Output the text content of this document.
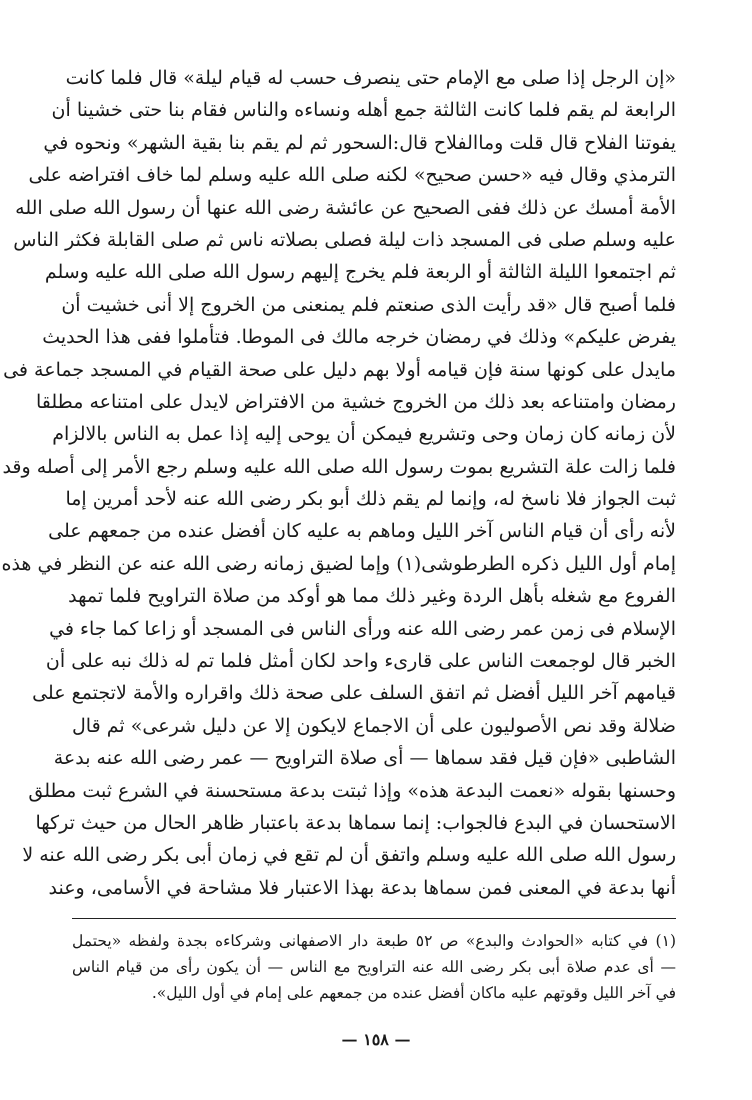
«إن الرجل إذا صلى مع الإمام حتى ينصرف حسب له قيام ليلة» قال فلما كانت
الرابعة لم يقم فلما كانت الثالثة جمع أهله ونساءه والناس فقام بنا حتى خشينا أن
يفوتنا الفلاح قال قلت وماالفلاح قال:السحور ثم لم يقم بنا بقية الشهر» ونحوه في
الترمذي وقال فيه «حسن صحيح» لكنه صلى الله عليه وسلم لما خاف افتراضه على
الأمة أمسك عن ذلك ففى الصحيح عن عائشة رضى الله عنها أن رسول الله صلى الله
عليه وسلم صلى فى المسجد ذات ليلة فصلى بصلاته ناس ثم صلى القابلة فكثر الناس
ثم اجتمعوا الليلة الثالثة أو الربعة فلم يخرج إليهم رسول الله صلى الله عليه وسلم
فلما أصبح قال «قد رأيت الذى صنعتم فلم يمنعنى من الخروج إلا أنى خشيت أن
يفرض عليكم» وذلك في رمضان خرجه مالك فى الموطا. فتأملوا ففى هذا الحديث
مايدل على كونها سنة فإن قيامه أولا بهم دليل على صحة القيام في المسجد جماعة فى
رمضان وامتناعه بعد ذلك من الخروج خشية من الافتراض لايدل على امتناعه مطلقا
لأن زمانه كان زمان وحى وتشريع فيمكن أن يوحى إليه إذا عمل به الناس بالالزام
فلما زالت علة التشريع بموت رسول الله صلى الله عليه وسلم رجع الأمر إلى أصله وقد
ثبت الجواز فلا ناسخ له، وإنما لم يقم ذلك أبو بكر رضى الله عنه لأحد أمرين إما
لأنه رأى أن قيام الناس آخر الليل وماهم به عليه كان أفضل عنده من جمعهم على
إمام أول الليل ذكره الطرطوشى(١) وإما لضيق زمانه رضى الله عنه عن النظر في هذه
الفروع مع شغله بأهل الردة وغير ذلك مما هو أوكد من صلاة التراويح فلما تمهد
الإسلام فى زمن عمر رضى الله عنه ورأى الناس فى المسجد أو زاعا كما جاء في
الخبر قال لوجمعت الناس على قارىء واحد لكان أمثل فلما تم له ذلك نبه على أن
قيامهم آخر الليل أفضل ثم اتفق السلف على صحة ذلك واقراره والأمة لاتجتمع على
ضلالة وقد نص الأصوليون على أن الاجماع لايكون إلا عن دليل شرعى» ثم قال
الشاطبى «فإن قيل فقد سماها — أى صلاة التراويح — عمر رضى الله عنه بدعة
وحسنها بقوله «نعمت البدعة هذه» وإذا ثبتت بدعة مستحسنة في الشرع ثبت مطلق
الاستحسان في البدع فالجواب: إنما سماها بدعة باعتبار ظاهر الحال من حيث تركها
رسول الله صلى الله عليه وسلم واتفق أن لم تقع في زمان أبى بكر رضى الله عنه لا
أنها بدعة في المعنى فمن سماها بدعة بهذا الاعتبار فلا مشاحة في الأسامى، وعند
(١) في كتابه «الحوادث والبدع» ص ٥٢ طبعة دار الاصفهانى وشركاءه بجدة ولفظه «يحتمل
— أى عدم صلاة أبى بكر رضى الله عنه التراويح مع الناس — أن يكون رأى من قيام الناس
في آخر الليل وقوتهم عليه ماكان أفضل عنده من جمعهم على إمام في أول الليل».
— ١٥٨ —
